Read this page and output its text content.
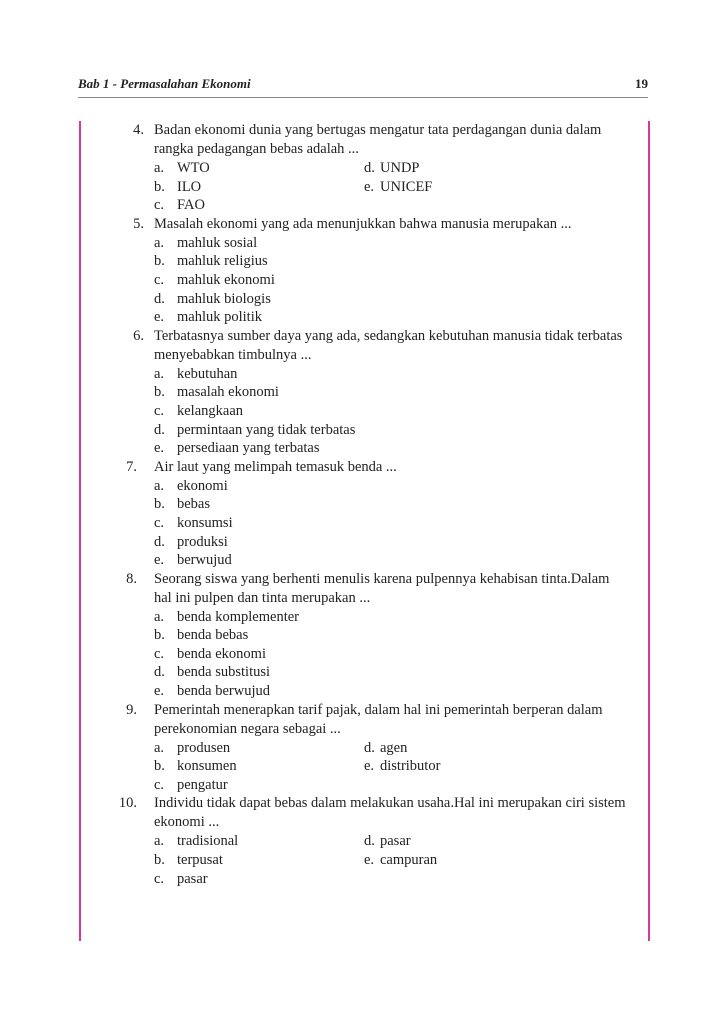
Bab 1 - Permasalahan Ekonomi	19
4. Badan ekonomi dunia yang bertugas mengatur tata perdagangan dunia dalam
rangka pedagangan bebas adalah ...
a. WTO	d. UNDP
b. ILO	e. UNICEF
c. FAO
5. Masalah ekonomi yang ada menunjukkan bahwa manusia merupakan ...
a. mahluk sosial
b. mahluk religius
c. mahluk ekonomi
d. mahluk biologis
e. mahluk politik
6. Terbatasnya sumber daya yang ada, sedangkan kebutuhan manusia tidak terbatas
menyebabkan timbulnya ...
a. kebutuhan
b. masalah ekonomi
c. kelangkaan
d. permintaan yang tidak terbatas
e. persediaan yang terbatas
7. Air laut yang melimpah temasuk benda ...
a. ekonomi
b. bebas
c. konsumsi
d. produksi
e. berwujud
8. Seorang siswa yang berhenti menulis karena pulpennya kehabisan tinta.Dalam
hal ini pulpen dan tinta merupakan ...
a. benda komplementer
b. benda bebas
c. benda ekonomi
d. benda substitusi
e. benda berwujud
9. Pemerintah menerapkan tarif pajak, dalam hal ini pemerintah berperan dalam
perekonomian negara sebagai ...
a. produsen	d. agen
b. konsumen	e. distributor
c. pengatur
10. Individu tidak dapat bebas dalam melakukan usaha.Hal ini merupakan ciri sistem
ekonomi ...
a. tradisional	d. pasar
b. terpusat	e. campuran
c. pasar
